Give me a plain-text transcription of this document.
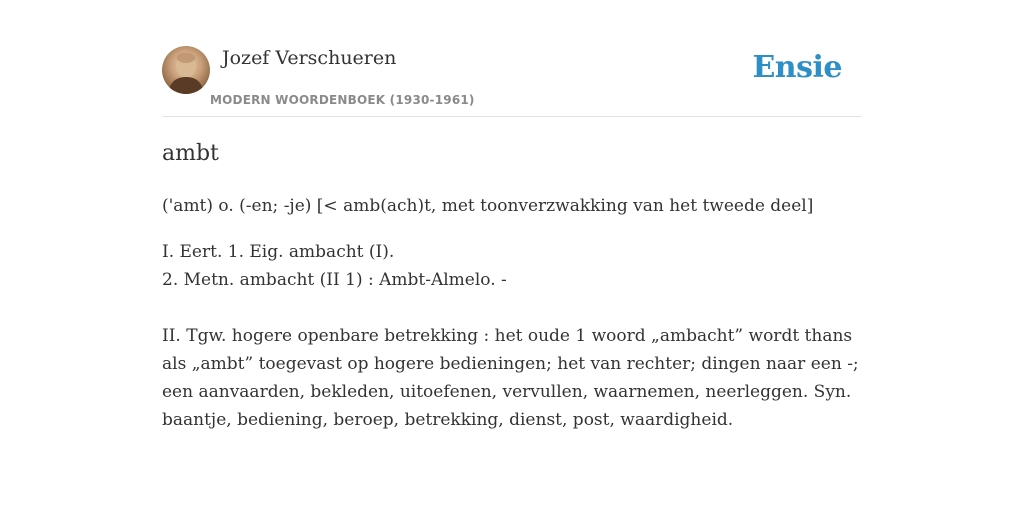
Jozef Verschueren
MODERN WOORDENBOEK (1930-1961)
Ensie
ambt

('amt) o. (-en; -je) [< amb(ach)t, met toonverzwakking van het tweede deel]

I. Eert. 1. Eig. ambacht (I).

2. Metn. ambacht (II 1) : Ambt-Almelo. -

II. Tgw. hogere openbare betrekking : het oude 1 woord „ambacht” wordt thans als „ambt” toegevast op hogere bedieningen; het van rechter; dingen naar een -; een aanvaarden, bekleden, uitoefenen, vervullen, waarnemen, neerleggen. Syn. baantje, bediening, beroep, betrekking, dienst, post, waardigheid.
